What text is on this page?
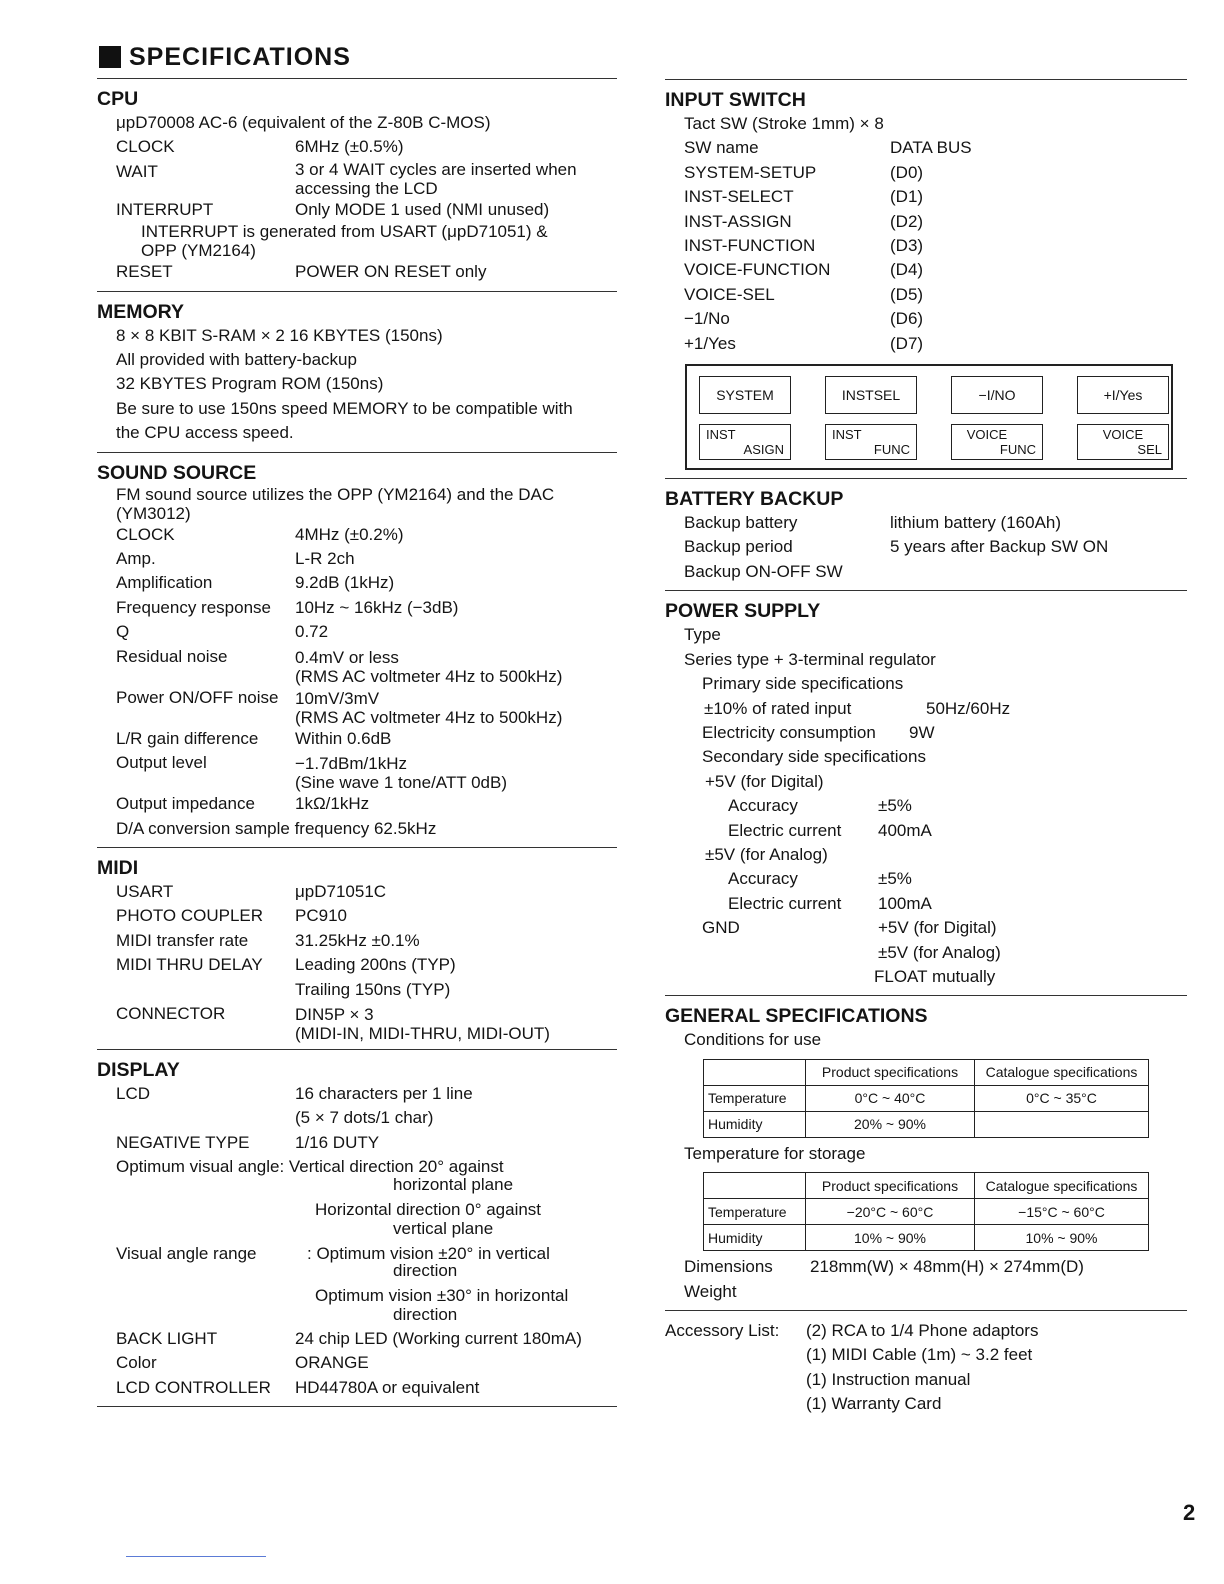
SPECIFICATIONS
CPU
μpD70008 AC-6 (equivalent of the Z-80B C-MOS)
CLOCK	6MHz (±0.5%)
WAIT	3 or 4 WAIT cycles are inserted when
accessing the LCD
INTERRUPT	Only MODE 1 used (NMI unused)
INTERRUPT is generated from USART (μpD71051) &
OPP (YM2164)
RESET	POWER ON RESET only
MEMORY
8 × 8 KBIT S-RAM × 2 16 KBYTES (150ns)
All provided with battery-backup
32 KBYTES Program ROM (150ns)
Be sure to use 150ns speed MEMORY to be compatible with
the CPU access speed.
SOUND SOURCE
FM sound source utilizes the OPP (YM2164) and the DAC
(YM3012)
CLOCK	4MHz (±0.2%)
Amp.	L-R 2ch
Amplification	9.2dB (1kHz)
Frequency response	10Hz ~ 16kHz (−3dB)
Q	0.72
Residual noise	0.4mV or less
(RMS AC voltmeter 4Hz to 500kHz)
Power ON/OFF noise 10mV/3mV
(RMS AC voltmeter 4Hz to 500kHz)
L/R gain difference	Within 0.6dB
Output level	−1.7dBm/1kHz
(Sine wave 1 tone/ATT 0dB)
Output impedance	1kΩ/1kHz
D/A conversion sample frequency 62.5kHz
MIDI
USART	μpD71051C
PHOTO COUPLER	PC910
MIDI transfer rate	31.25kHz ±0.1%
MIDI THRU DELAY	Leading 200ns (TYP)
Trailing 150ns (TYP)
CONNECTOR	DIN5P × 3
(MIDI-IN, MIDI-THRU, MIDI-OUT)
DISPLAY
LCD	16 characters per 1 line
(5 × 7 dots/1 char)
NEGATIVE TYPE	1/16 DUTY
Optimum visual angle: Vertical direction 20° against
horizontal plane
Horizontal direction 0° against
vertical plane
Visual angle range	: Optimum vision ±20° in vertical
direction
Optimum vision ±30° in horizontal
direction
BACK LIGHT	24 chip LED (Working current 180mA)
Color	ORANGE
LCD CONTROLLER	HD44780A or equivalent
INPUT SWITCH
Tact SW (Stroke 1mm) × 8
SW name	DATA BUS
SYSTEM-SETUP	(D0)
INST-SELECT	(D1)
INST-ASSIGN	(D2)
INST-FUNCTION	(D3)
VOICE-FUNCTION	(D4)
VOICE-SEL	(D5)
−1/No	(D6)
+1/Yes	(D7)
SYSTEM	INSTSEL	−I/NO	+I/Yes
INST
ASIGN
INST
FUNC
VOICE
FUNC
VOICE
SEL
BATTERY BACKUP
Backup battery	lithium battery (160Ah)
Backup period	5 years after Backup SW ON
Backup ON-OFF SW
POWER SUPPLY
Type
Series type + 3-terminal regulator
Primary side specifications
±10% of rated input	50Hz/60Hz
Electricity consumption	9W
Secondary side specifications
+5V (for Digital)
Accuracy	±5%
Electric current	400mA
±5V (for Analog)
Accuracy	±5%
Electric current	100mA
GND	+5V (for Digital)
±5V (for Analog)
FLOAT mutually
GENERAL SPECIFICATIONS
Conditions for use
	Product specifications	Catalogue specifications
Temperature	0°C ~ 40°C	0°C ~ 35°C
Humidity	20% ~ 90%	
Temperature for storage
	Product specifications	Catalogue specifications
Temperature	−20°C ~ 60°C	−15°C ~ 60°C
Humidity	10% ~ 90%	10% ~ 90%
Dimensions	218mm(W) × 48mm(H) × 274mm(D)
Weight
Accessory List:	(2) RCA to 1/4 Phone adaptors
(1) MIDI Cable (1m) ~ 3.2 feet
(1) Instruction manual
(1) Warranty Card
2
